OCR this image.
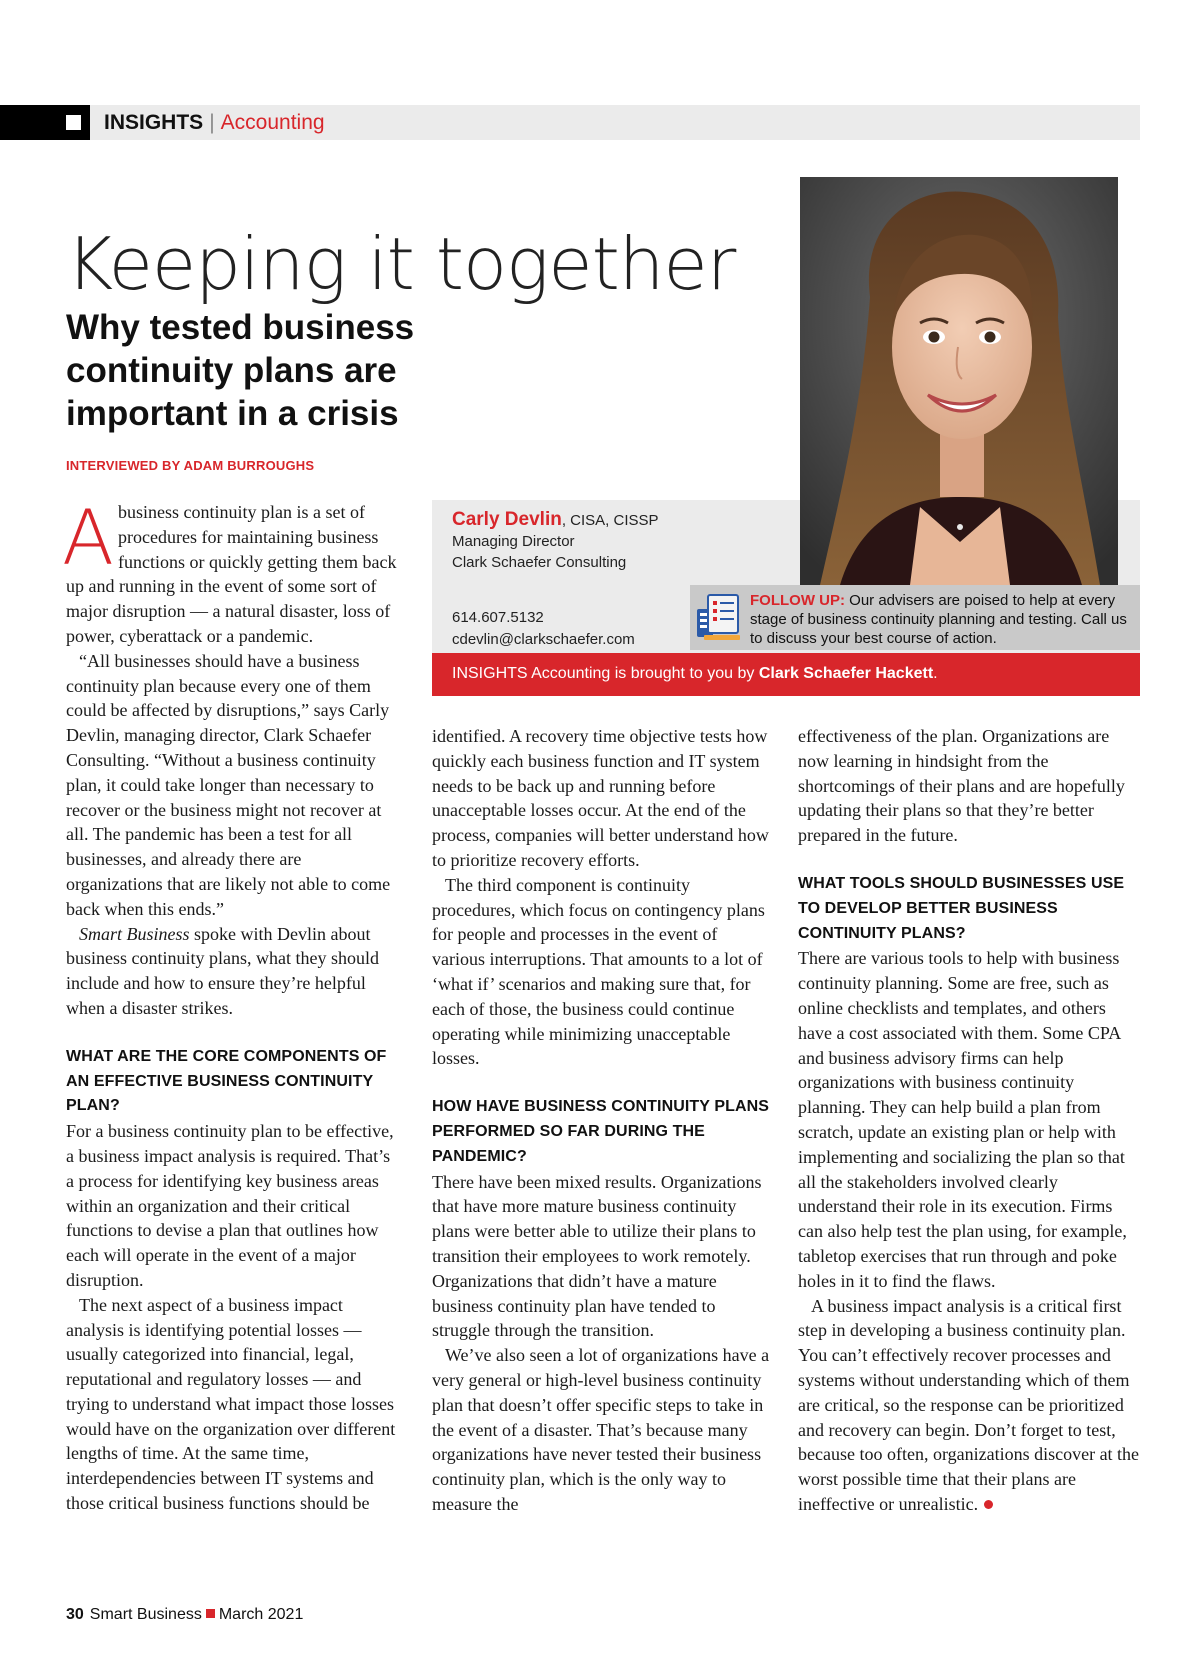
INSIGHTS | Accounting
Keeping it together
Why tested business continuity plans are important in a crisis
INTERVIEWED BY ADAM BURROUGHS
Carly Devlin, CISA, CISSP
Managing Director
Clark Schaefer Consulting
614.607.5132
cdevlin@clarkschaefer.com
FOLLOW UP: Our advisers are poised to help at every stage of business continuity planning and testing. Call us to discuss your best course of action.
INSIGHTS Accounting is brought to you by Clark Schaefer Hackett.

Abusiness continuity plan is a set of procedures for maintaining business functions or quickly getting them back up and running in the event of some sort of major disruption — a natural disaster, loss of power, cyberattack or a pandemic.

“All businesses should have a business continuity plan because every one of them could be affected by disruptions,” says Carly Devlin, managing director, Clark Schaefer Consulting. “Without a business continuity plan, it could take longer than necessary to recover or the business might not recover at all. The pandemic has been a test for all businesses, and already there are organizations that are likely not able to come back when this ends.”

Smart Business spoke with Devlin about business continuity plans, what they should include and how to ensure they’re helpful when a disaster strikes.

WHAT ARE THE CORE COMPONENTS OF AN EFFECTIVE BUSINESS CONTINUITY PLAN?

For a business continuity plan to be effective, a business impact analysis is required. That’s a process for identifying key business areas within an organization and their critical functions to devise a plan that outlines how each will operate in the event of a major disruption.

The next aspect of a business impact analysis is identifying potential losses — usually categorized into financial, legal, reputational and regulatory losses — and trying to understand what impact those losses would have on the organization over different lengths of time. At the same time, interdependencies between IT systems and those critical business functions should be

identified. A recovery time objective tests how quickly each business function and IT system needs to be back up and running before unacceptable losses occur. At the end of the process, companies will better understand how to prioritize recovery efforts.

The third component is continuity procedures, which focus on contingency plans for people and processes in the event of various interruptions. That amounts to a lot of ‘what if’ scenarios and making sure that, for each of those, the business could continue operating while minimizing unacceptable losses.

HOW HAVE BUSINESS CONTINUITY PLANS PERFORMED SO FAR DURING THE PANDEMIC?

There have been mixed results. Organizations that have more mature business continuity plans were better able to utilize their plans to transition their employees to work remotely. Organizations that didn’t have a mature business continuity plan have tended to struggle through the transition.

We’ve also seen a lot of organizations have a very general or high-level business continuity plan that doesn’t offer specific steps to take in the event of a disaster. That’s because many organizations have never tested their business continuity plan, which is the only way to measure the

effectiveness of the plan. Organizations are now learning in hindsight from the shortcomings of their plans and are hopefully updating their plans so that they’re better prepared in the future.

WHAT TOOLS SHOULD BUSINESSES USE TO DEVELOP BETTER BUSINESS CONTINUITY PLANS?

There are various tools to help with business continuity planning. Some are free, such as online checklists and templates, and others have a cost associated with them. Some CPA and business advisory firms can help organizations with business continuity planning. They can help build a plan from scratch, update an existing plan or help with implementing and socializing the plan so that all the stakeholders involved clearly understand their role in its execution. Firms can also help test the plan using, for example, tabletop exercises that run through and poke holes in it to find the flaws.

A business impact analysis is a critical first step in developing a business continuity plan. You can’t effectively recover processes and systems without understanding which of them are critical, so the response can be prioritized and recovery can begin. Don’t forget to test, because too often, organizations discover at the worst possible time that their plans are ineffective or unrealistic.

30 Smart Business March 2021
